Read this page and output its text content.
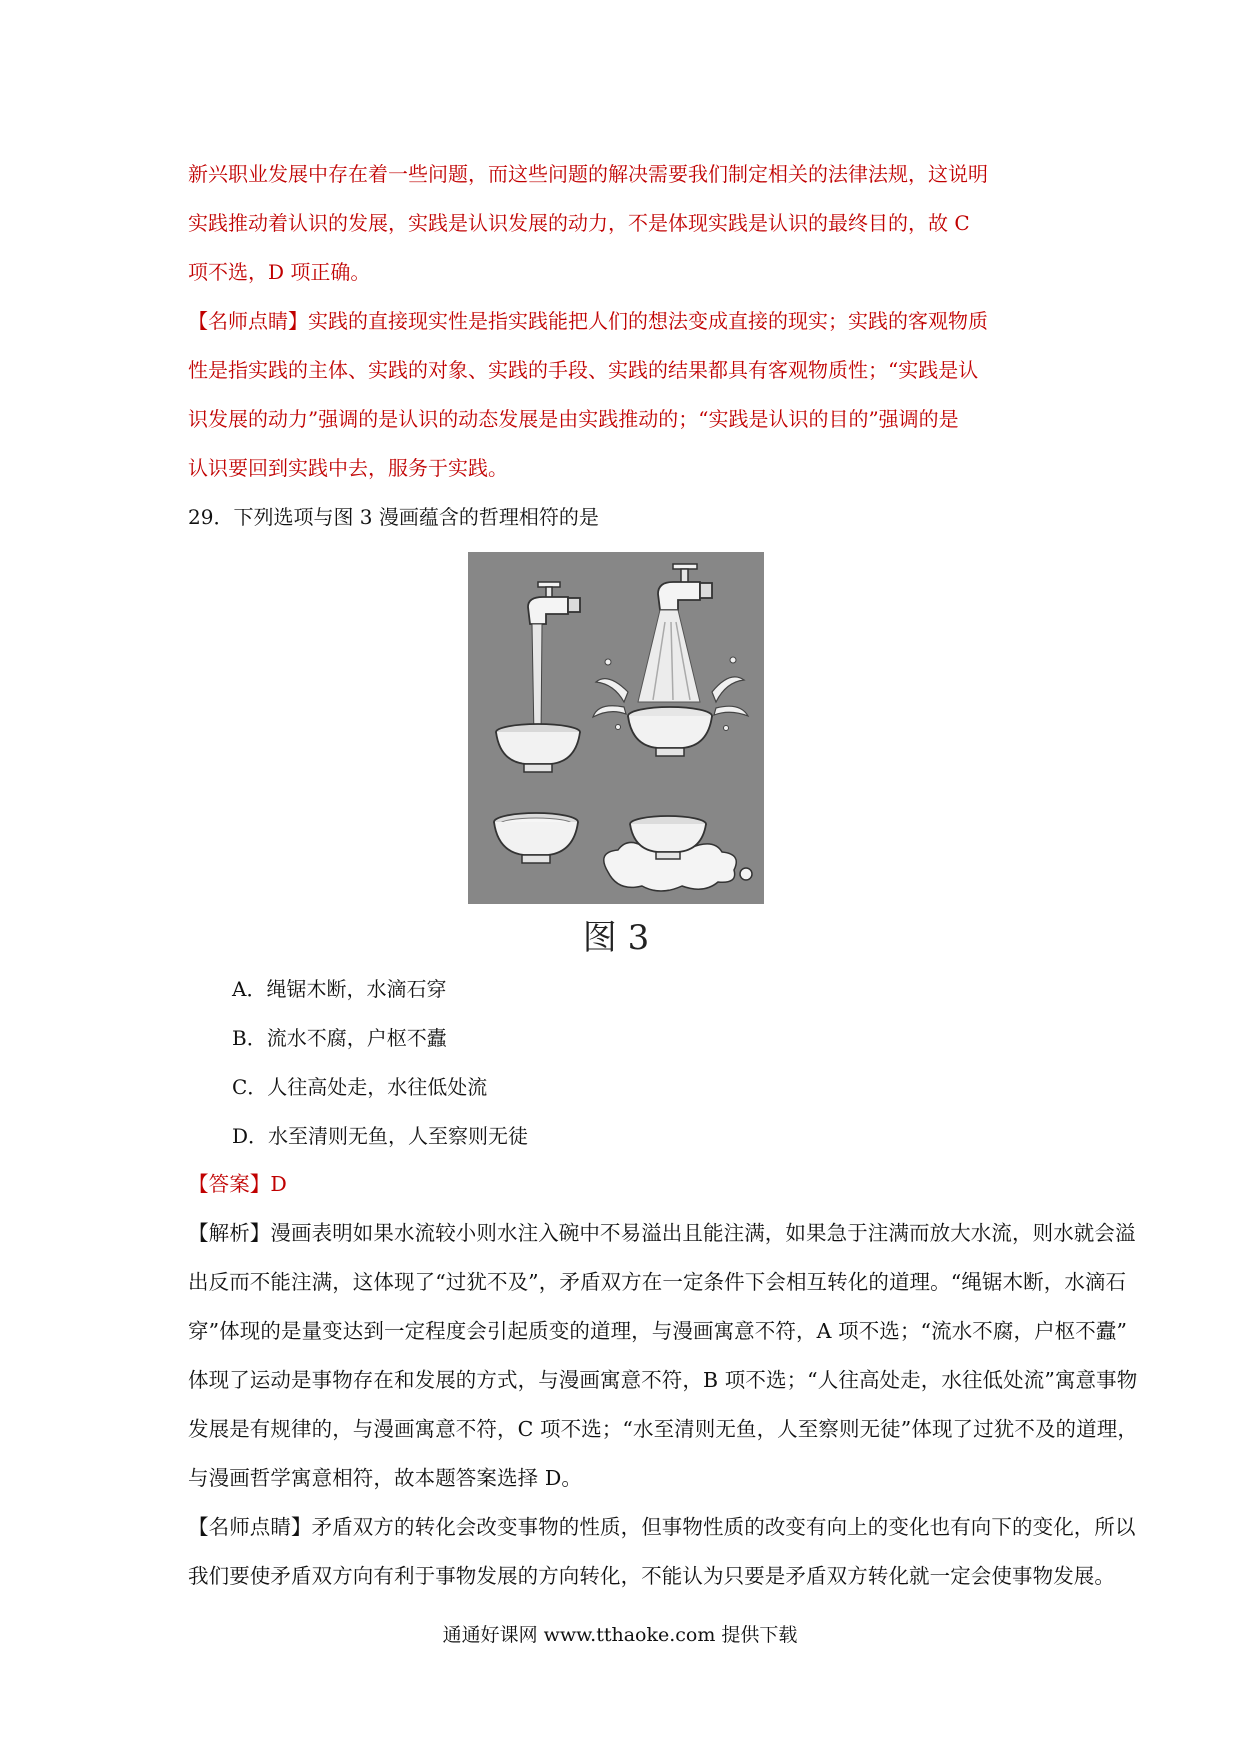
新兴职业发展中存在着一些问题，而这些问题的解决需要我们制定相关的法律法规，这说明

实践推动着认识的发展，实践是认识发展的动力，不是体现实践是认识的最终目的，故 C

项不选，D 项正确。

【名师点睛】实践的直接现实性是指实践能把人们的想法变成直接的现实；实践的客观物质

性是指实践的主体、实践的对象、实践的手段、实践的结果都具有客观物质性；“实践是认

识发展的动力”强调的是认识的动态发展是由实践推动的；“实践是认识的目的”强调的是

认识要回到实践中去，服务于实践。

29．下列选项与图 3 漫画蕴含的哲理相符的是

图 3

A．绳锯木断，水滴石穿

B．流水不腐，户枢不蠹

C．人往高处走，水往低处流

D．水至清则无鱼，人至察则无徒

【答案】D

【解析】漫画表明如果水流较小则水注入碗中不易溢出且能注满，如果急于注满而放大水流，则水就会溢

出反而不能注满，这体现了“过犹不及”，矛盾双方在一定条件下会相互转化的道理。“绳锯木断，水滴石

穿”体现的是量变达到一定程度会引起质变的道理，与漫画寓意不符，A 项不选；“流水不腐，户枢不蠹”

体现了运动是事物存在和发展的方式，与漫画寓意不符，B 项不选；“人往高处走，水往低处流”寓意事物

发展是有规律的，与漫画寓意不符，C 项不选；“水至清则无鱼，人至察则无徒”体现了过犹不及的道理，

与漫画哲学寓意相符，故本题答案选择 D。

【名师点睛】矛盾双方的转化会改变事物的性质，但事物性质的改变有向上的变化也有向下的变化，所以

我们要使矛盾双方向有利于事物发展的方向转化，不能认为只要是矛盾双方转化就一定会使事物发展。

通通好课网 www.tthaoke.com 提供下载
